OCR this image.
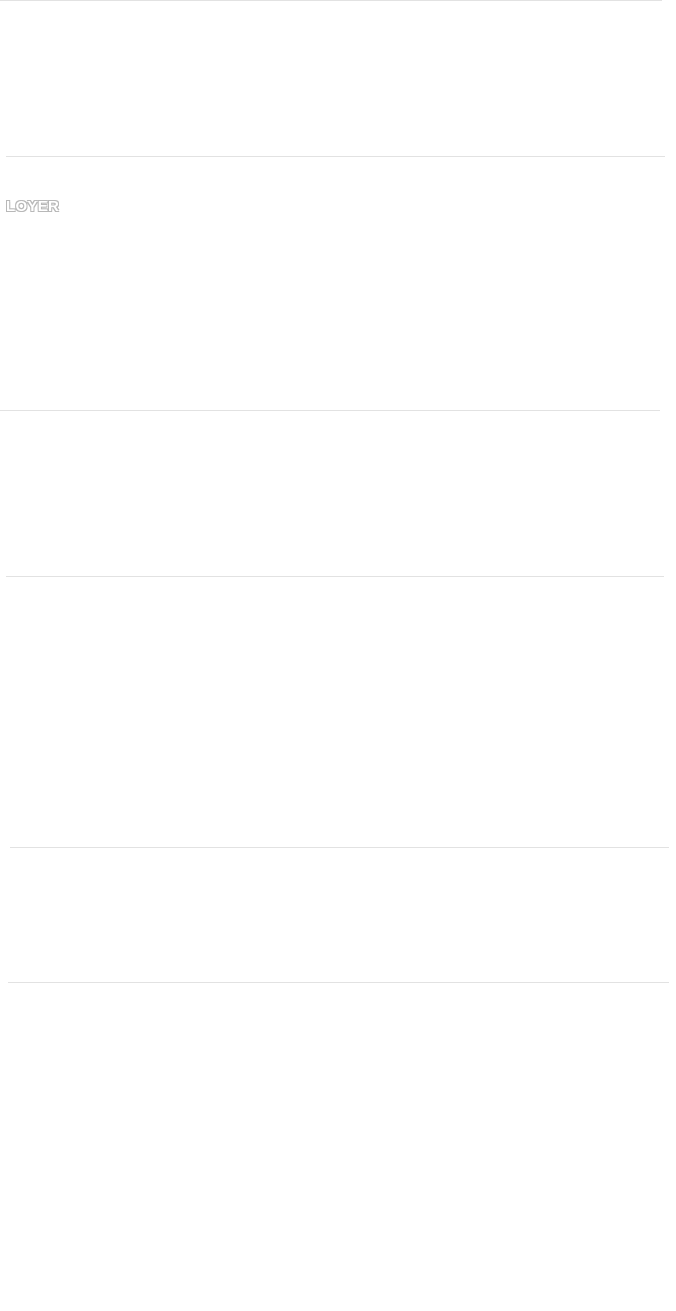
LOYER
